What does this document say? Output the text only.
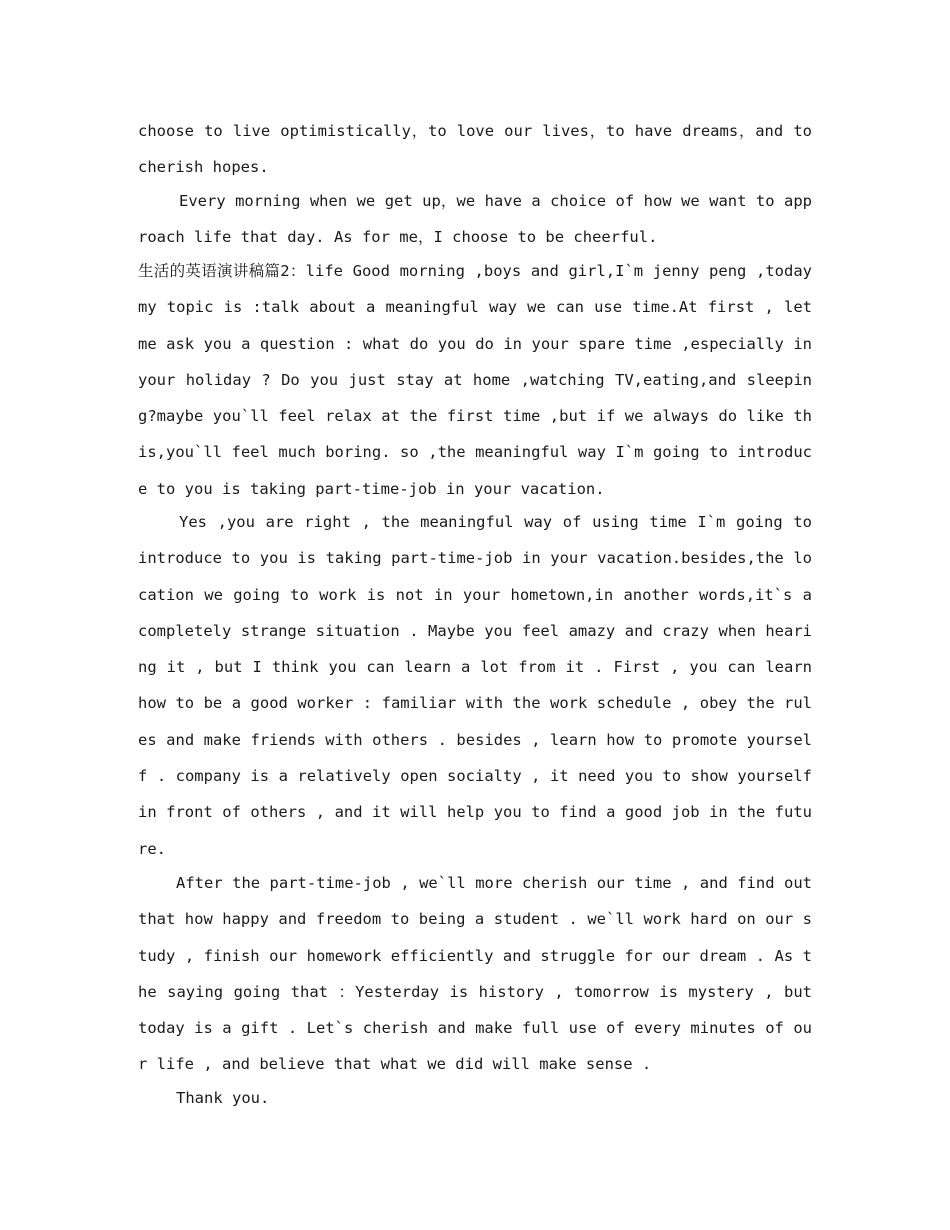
choose to live optimistically，to love our lives，to have dreams，and to cherish hopes.

Every morning when we get up，we have a choice of how we want to approach life that day. As for me，I choose to be cheerful.

生活的英语演讲稿篇2：life Good morning ,boys and girl,I`m jenny peng ,today my topic is :talk about a meaningful way we can use time.At first , let me ask you a question : what do you do in your spare time ,especially in your holiday ? Do you just stay at home ,watching TV,eating,and sleeping?maybe you`ll feel relax at the first time ,but if we always do like this,you`ll feel much boring. so ,the meaningful way I`m going to introduce to you is taking part-time-job in your vacation.

Yes ,you are right , the meaningful way of using time I`m going to introduce to you is taking part-time-job in your vacation.besides,the location we going to work is not in your hometown,in another words,it`s a completely strange situation . Maybe you feel amazy and crazy when hearing it , but I think you can learn a lot from it . First , you can learn how to be a good worker : familiar with the work schedule , obey the rules and make friends with others . besides , learn how to promote yourself . company is a relatively open socialty , it need you to show yourself in front of others , and it will help you to find a good job in the future.

After the part-time-job , we`ll more cherish our time , and find out that how happy and freedom to being a student . we`ll work hard on our study , finish our homework efficiently and struggle for our dream . As the saying going that ：Yesterday is history , tomorrow is mystery , but today is a gift . Let`s cherish and make full use of every minutes of our life , and believe that what we did will make sense .

Thank you.
